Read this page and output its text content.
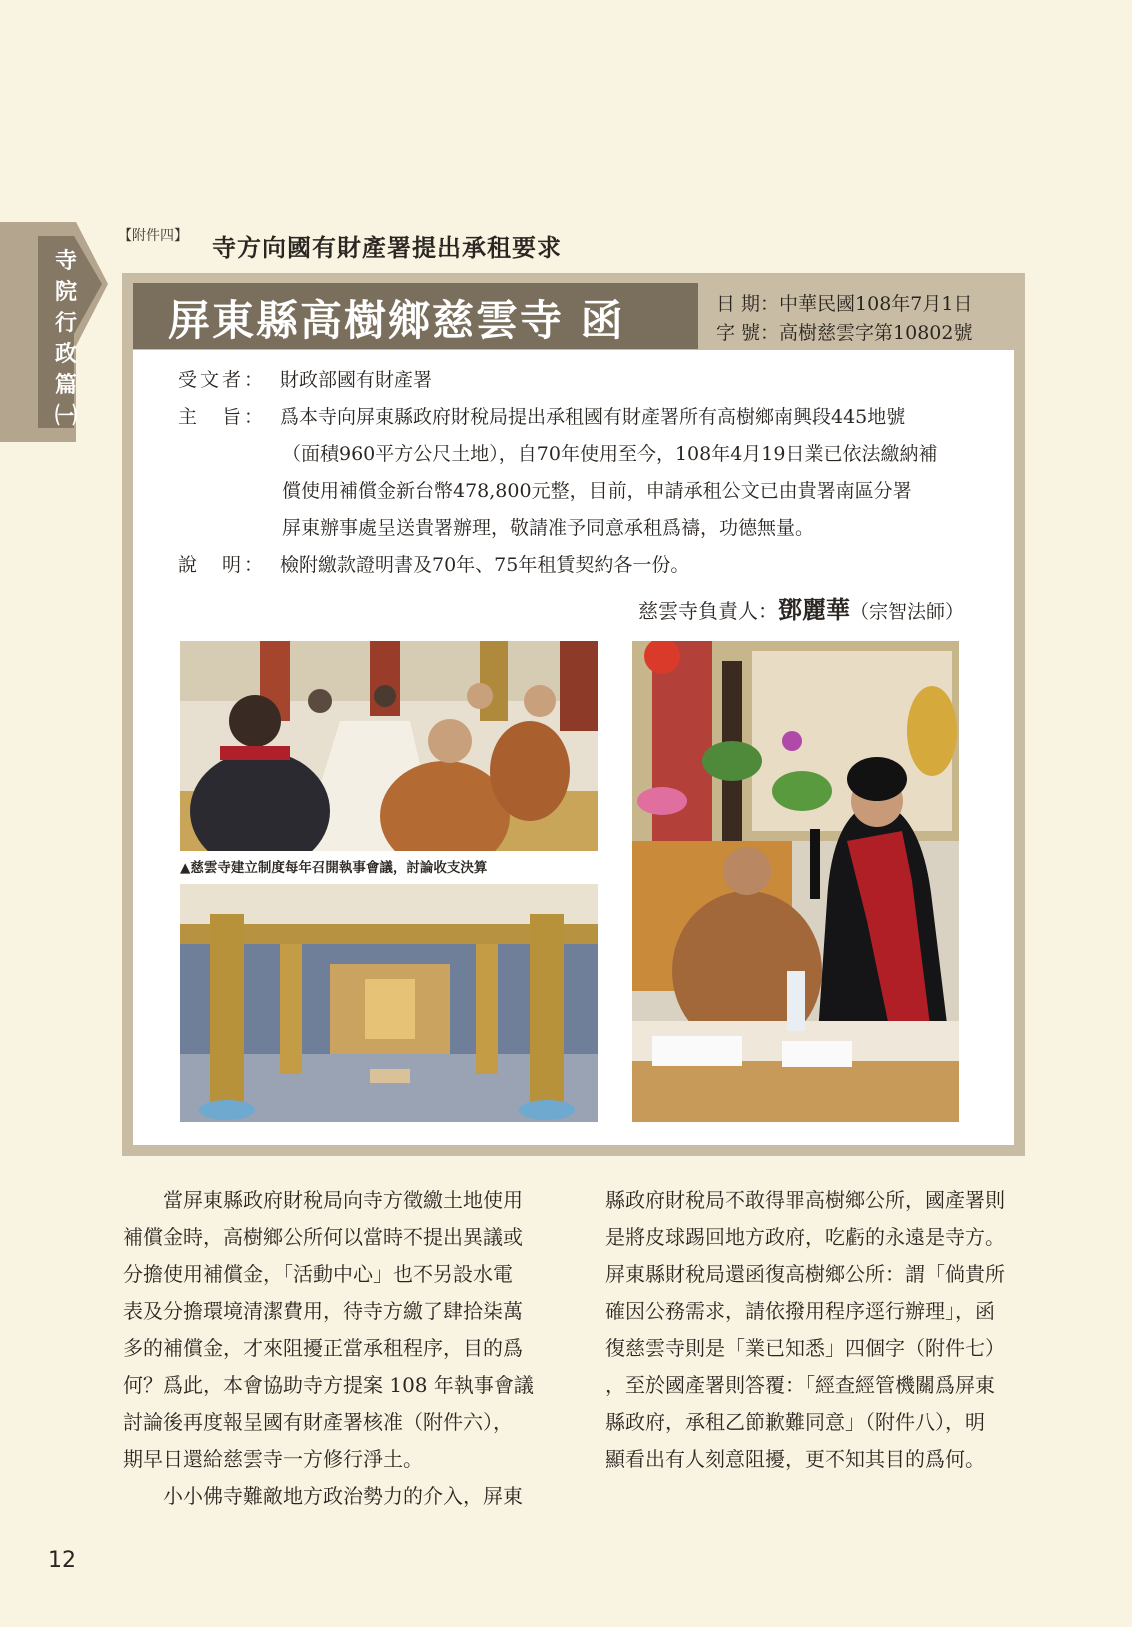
寺
院
行
政
篇
㈠
【附件四】 寺方向國有財產署提出承租要求
屏東縣高樹鄉慈雲寺 函	日 期：中華民國108年7月1日
字 號：高樹慈雲字第10802號
受文者： 財政部國有財產署
主　旨： 爲本寺向屏東縣政府財稅局提出承租國有財產署所有高樹鄉南興段445地號
（面積960平方公尺土地），自70年使用至今，108年4月19日業已依法繳納補
償使用補償金新台幣478,800元整，目前，申請承租公文已由貴署南區分署
屏東辦事處呈送貴署辦理，敬請准予同意承租爲禱，功德無量。
說　明： 檢附繳款證明書及70年、75年租賃契約各一份。
慈雲寺負責人：鄧麗華（宗智法師）
▲慈雲寺建立制度每年召開執事會議，討論收支決算
　　當屏東縣政府財稅局向寺方徵繳土地使用
補償金時，高樹鄉公所何以當時不提出異議或
分擔使用補償金，「活動中心」也不另設水電
表及分擔環境清潔費用，待寺方繳了肆拾柒萬
多的補償金，才來阻擾正當承租程序，目的爲
何？爲此，本會協助寺方提案 108 年執事會議
討論後再度報呈國有財產署核准（附件六），
期早日還給慈雲寺一方修行淨土。
　　小小佛寺難敵地方政治勢力的介入，屏東
縣政府財稅局不敢得罪高樹鄉公所，國產署則
是將皮球踢回地方政府，吃虧的永遠是寺方。
屏東縣財稅局還函復高樹鄉公所：謂「倘貴所
確因公務需求，請依撥用程序逕行辦理」，函
復慈雲寺則是「業已知悉」四個字（附件七）
，至於國產署則答覆：「經查經管機關爲屏東
縣政府，承租乙節歉難同意」（附件八），明
顯看出有人刻意阻擾，更不知其目的爲何。
12
